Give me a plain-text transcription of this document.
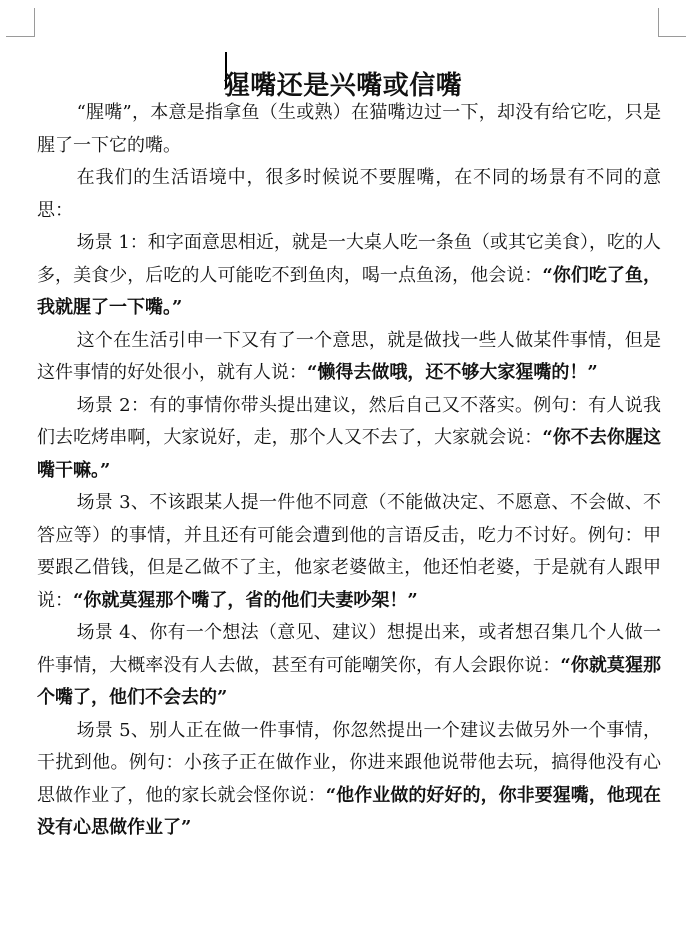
猩嘴还是兴嘴或信嘴

“腥嘴”，本意是指拿鱼（生或熟）在猫嘴边过一下，却没有给它吃，只是腥了一下它的嘴。

在我们的生活语境中，很多时候说不要腥嘴，在不同的场景有不同的意思：

场景 1：和字面意思相近，就是一大桌人吃一条鱼（或其它美食），吃的人多，美食少，后吃的人可能吃不到鱼肉，喝一点鱼汤，他会说：“你们吃了鱼，我就腥了一下嘴。”

这个在生活引申一下又有了一个意思，就是做找一些人做某件事情，但是这件事情的好处很小，就有人说：“懒得去做哦，还不够大家猩嘴的！”

场景 2：有的事情你带头提出建议，然后自己又不落实。例句：有人说我们去吃烤串啊，大家说好，走，那个人又不去了，大家就会说：“你不去你腥这嘴干嘛。”

场景 3、不该跟某人提一件他不同意（不能做决定、不愿意、不会做、不答应等）的事情，并且还有可能会遭到他的言语反击，吃力不讨好。例句：甲要跟乙借钱，但是乙做不了主，他家老婆做主，他还怕老婆，于是就有人跟甲说：“你就莫猩那个嘴了，省的他们夫妻吵架！”

场景 4、你有一个想法（意见、建议）想提出来，或者想召集几个人做一件事情，大概率没有人去做，甚至有可能嘲笑你，有人会跟你说：“你就莫猩那个嘴了，他们不会去的”

场景 5、别人正在做一件事情，你忽然提出一个建议去做另外一个事情，干扰到他。例句：小孩子正在做作业，你进来跟他说带他去玩，搞得他没有心思做作业了，他的家长就会怪你说：“他作业做的好好的，你非要猩嘴，他现在没有心思做作业了”
